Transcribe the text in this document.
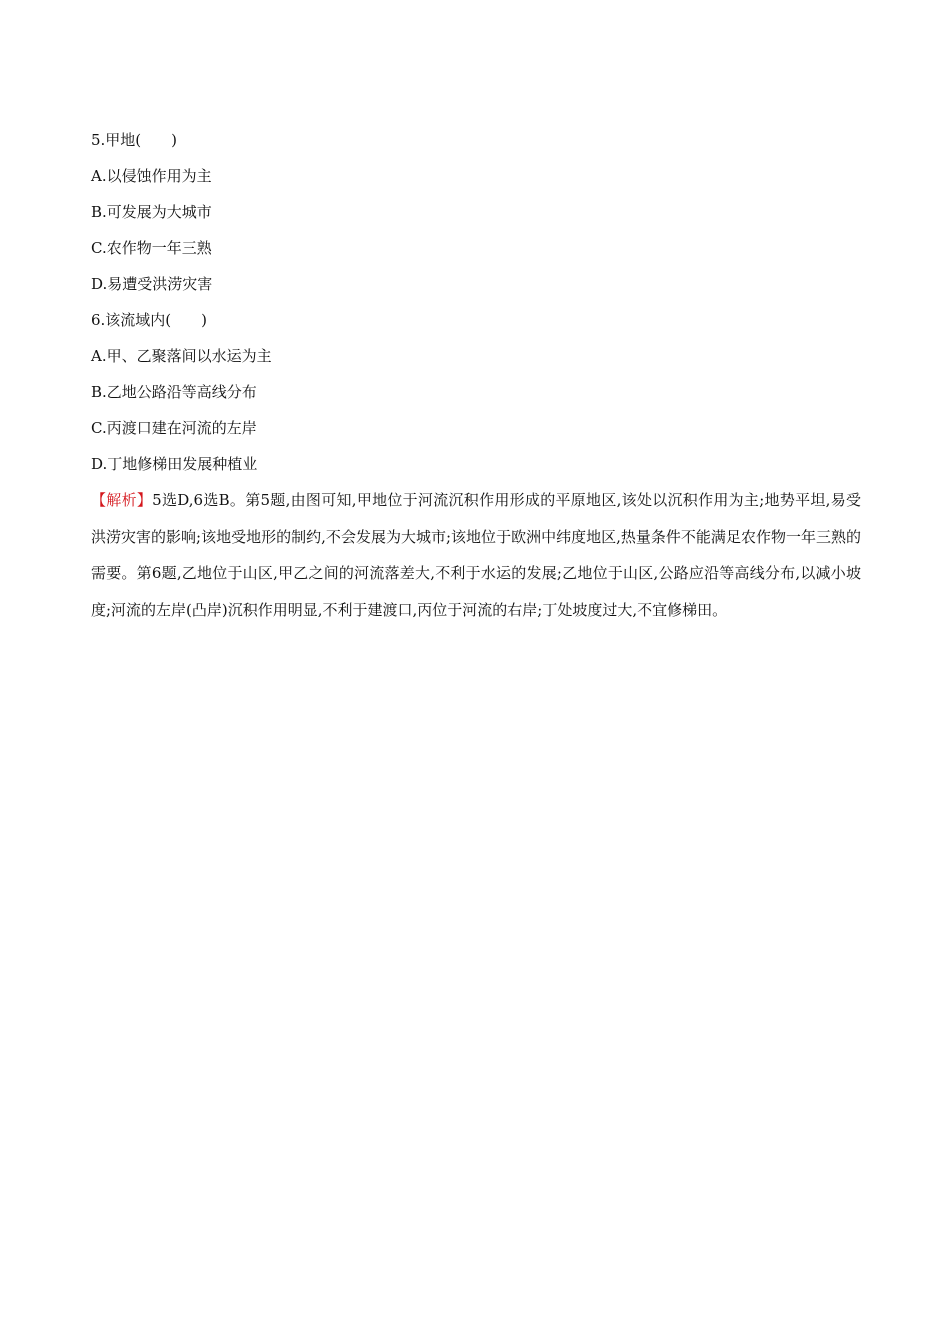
5.甲地(　　)
A.以侵蚀作用为主
B.可发展为大城市
C.农作物一年三熟
D.易遭受洪涝灾害
6.该流域内(　　)
A.甲、乙聚落间以水运为主
B.乙地公路沿等高线分布
C.丙渡口建在河流的左岸
D.丁地修梯田发展种植业
【解析】5选D,6选B。第5题,由图可知,甲地位于河流沉积作用形成的平原地区,该处以沉积作用为主;地势平坦,易受洪涝灾害的影响;该地受地形的制约,不会发展为大城市;该地位于欧洲中纬度地区,热量条件不能满足农作物一年三熟的需要。第6题,乙地位于山区,甲乙之间的河流落差大,不利于水运的发展;乙地位于山区,公路应沿等高线分布,以减小坡度;河流的左岸(凸岸)沉积作用明显,不利于建渡口,丙位于河流的右岸;丁处坡度过大,不宜修梯田。
